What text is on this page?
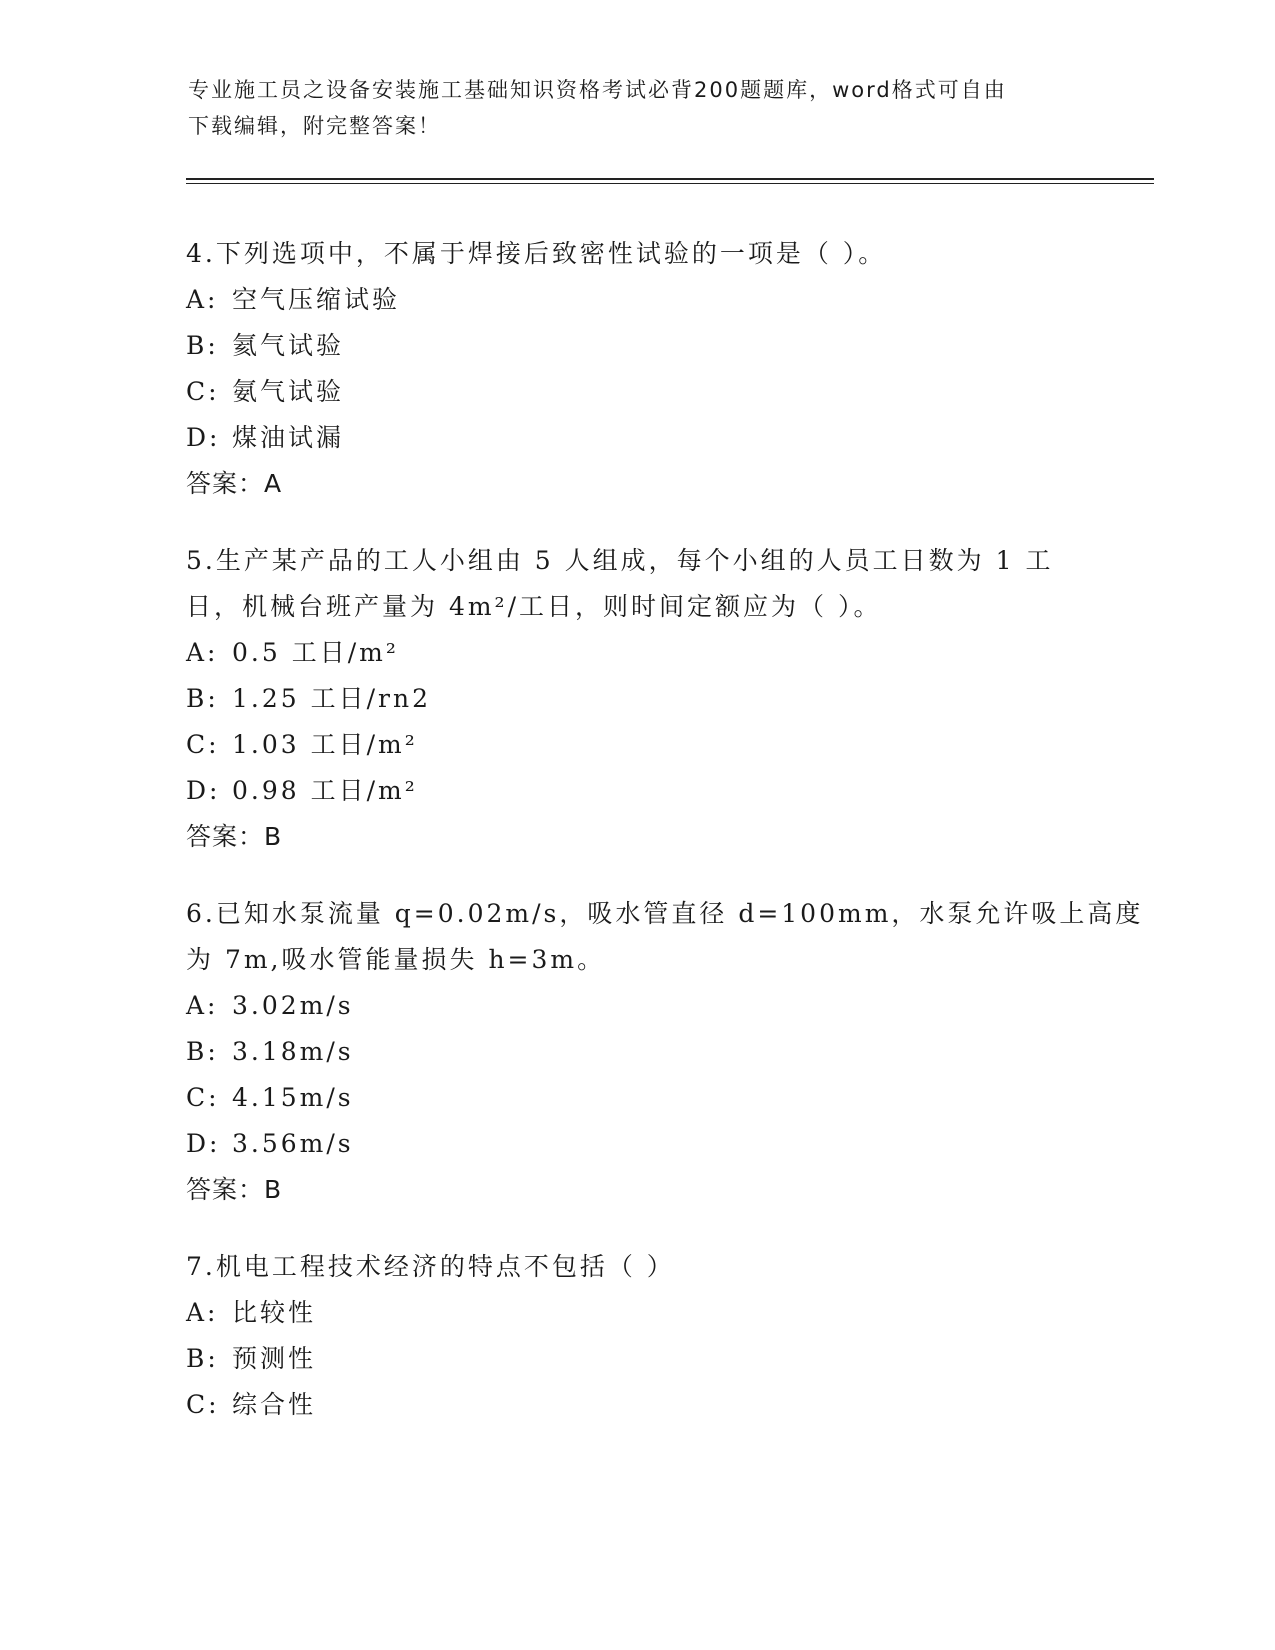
专业施工员之设备安装施工基础知识资格考试必背200题题库，word格式可自由
下载编辑，附完整答案！
4.下列选项中，不属于焊接后致密性试验的一项是（ ）。
A: 空气压缩试验
B: 氦气试验
C: 氨气试验
D: 煤油试漏
答案：A
5.生产某产品的工人小组由 5 人组成，每个小组的人员工日数为 1 工
日，机械台班产量为 4m²/工日，则时间定额应为（ ）。
A: 0.5 工日/m²
B: 1.25 工日/rn2
C: 1.03 工日/m²
D: 0.98 工日/m²
答案：B
6.已知水泵流量 q=0.02m/s，吸水管直径 d=100mm，水泵允许吸上高度
为 7m,吸水管能量损失 h=3m。
A: 3.02m/s
B: 3.18m/s
C: 4.15m/s
D: 3.56m/s
答案：B
7.机电工程技术经济的特点不包括（ ）
A: 比较性
B: 预测性
C: 综合性
